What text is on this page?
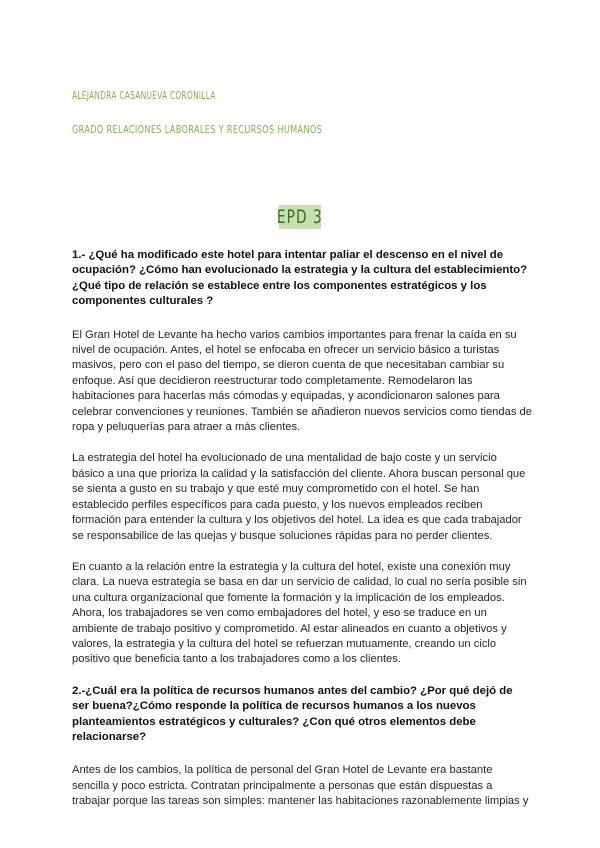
ALEJANDRA CASANUEVA CORONILLA
GRADO RELACIONES LABORALES Y RECURSOS HUMANOS
EPD 3

1.- ¿Qué ha modificado este hotel para intentar paliar el descenso en el nivel de ocupación? ¿Cómo han evolucionado la estrategia y la cultura del establecimiento? ¿Qué tipo de relación se establece entre los componentes estratégicos y los componentes culturales ?

El Gran Hotel de Levante ha hecho varios cambios importantes para frenar la caída en su nivel de ocupación. Antes, el hotel se enfocaba en ofrecer un servicio básico a turistas masivos, pero con el paso del tiempo, se dieron cuenta de que necesitaban cambiar su enfoque. Así que decidieron reestructurar todo completamente. Remodelaron las habitaciones para hacerlas más cómodas y equipadas, y acondicionaron salones para celebrar convenciones y reuniones. También se añadieron nuevos servicios como tiendas de ropa y peluquerías para atraer a más clientes.

La estrategia del hotel ha evolucionado de una mentalidad de bajo coste y un servicio básico a una que prioriza la calidad y la satisfacción del cliente. Ahora buscan personal que se sienta a gusto en su trabajo y que esté muy comprometido con el hotel. Se han establecido perfiles específicos para cada puesto, y los nuevos empleados reciben formación para entender la cultura y los objetivos del hotel. La idea es que cada trabajador se responsabilice de las quejas y busque soluciones rápidas para no perder clientes.

En cuanto a la relación entre la estrategia y la cultura del hotel, existe una conexión muy clara. La nueva estrategia se basa en dar un servicio de calidad, lo cual no sería posible sin una cultura organizacional que fomente la formación y la implicación de los empleados. Ahora, los trabajadores se ven como embajadores del hotel, y eso se traduce en un ambiente de trabajo positivo y comprometido. Al estar alineados en cuanto a objetivos y valores, la estrategia y la cultura del hotel se refuerzan mutuamente, creando un ciclo positivo que beneficia tanto a los trabajadores como a los clientes.

2.-¿Cuál era la política de recursos humanos antes del cambio? ¿Por qué dejó de ser buena?¿Cómo responde la política de recursos humanos a los nuevos planteamientos estratégicos y culturales? ¿Con qué otros elementos debe relacionarse?

Antes de los cambios, la política de personal del Gran Hotel de Levante era bastante sencilla y poco estricta. Contratan principalmente a personas que están dispuestas a trabajar porque las tareas son simples: mantener las habitaciones razonablemente limpias y
